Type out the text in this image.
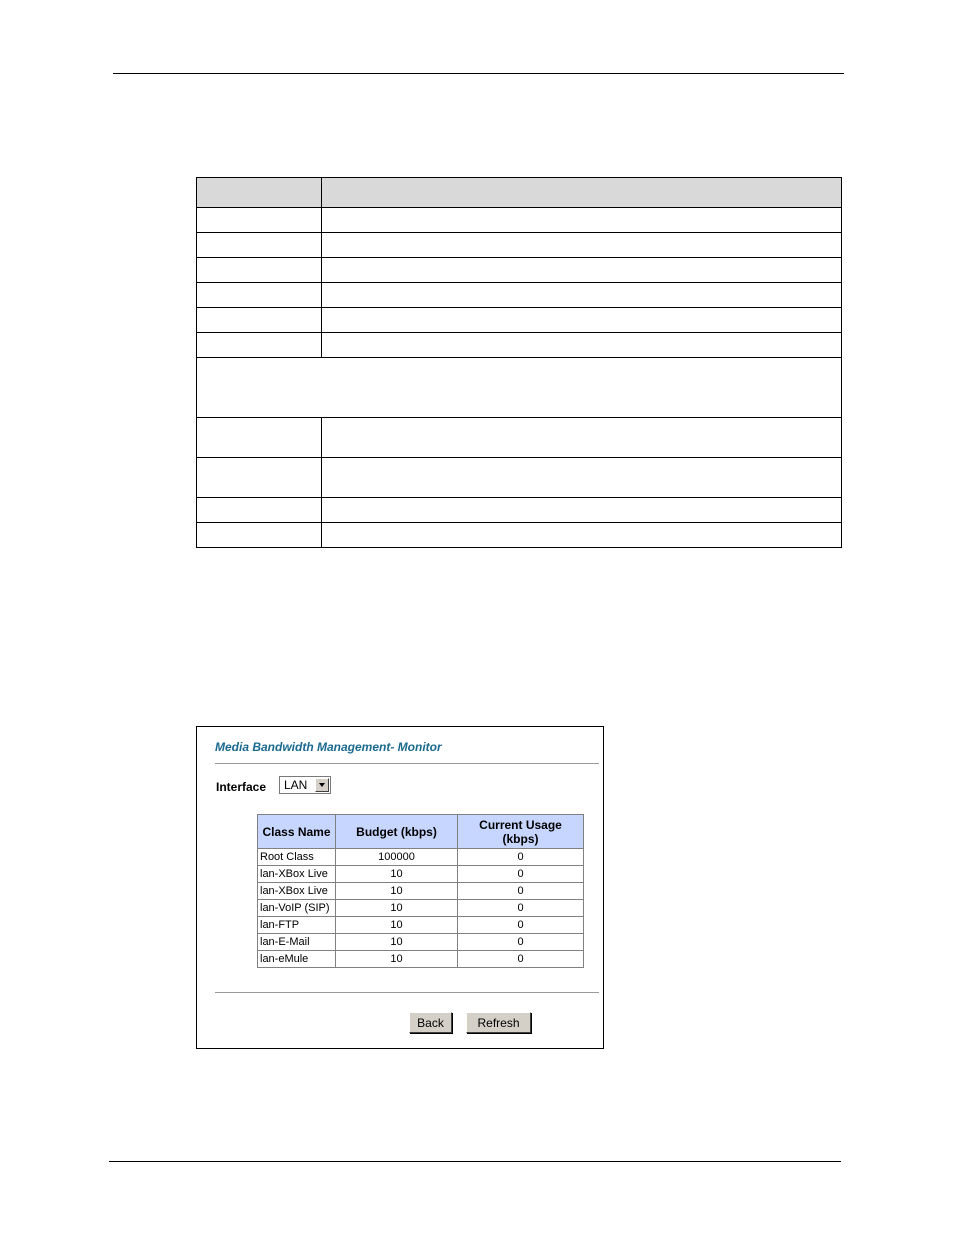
Media Bandwidth Management- Monitor
Interface LAN
Class Name	Budget (kbps)	Current Usage (kbps)
Root Class	100000	0
lan-XBox Live	10	0
lan-XBox Live	10	0
lan-VoIP (SIP)	10	0
lan-FTP	10	0
lan-E-Mail	10	0
lan-eMule	10	0
Back	Refresh
